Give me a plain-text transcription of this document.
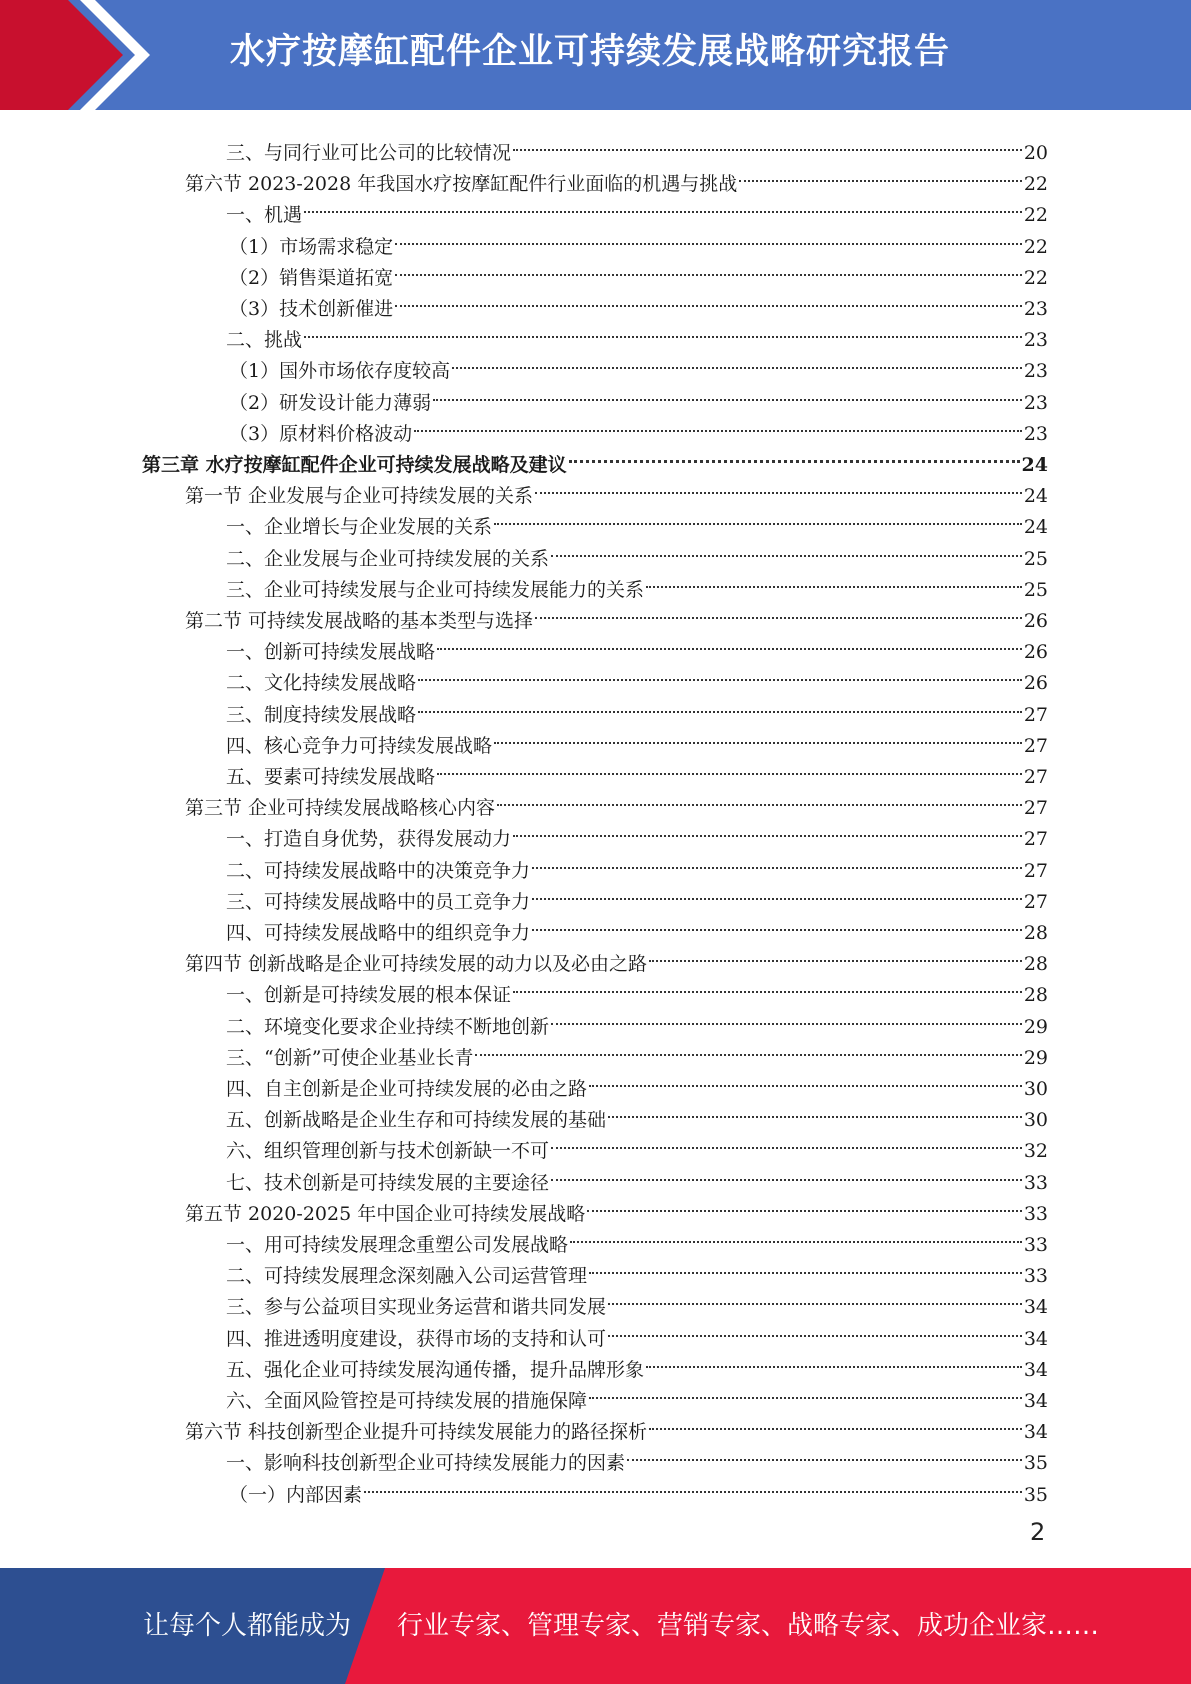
水疗按摩缸配件企业可持续发展战略研究报告
三、与同行业可比公司的比较情况	20
第六节 2023-2028 年我国水疗按摩缸配件行业面临的机遇与挑战	22
一、机遇	22
（1）市场需求稳定	22
（2）销售渠道拓宽	22
（3）技术创新催进	23
二、挑战	23
（1）国外市场依存度较高	23
（2）研发设计能力薄弱	23
（3）原材料价格波动	23
第三章 水疗按摩缸配件企业可持续发展战略及建议	24
第一节 企业发展与企业可持续发展的关系	24
一、企业增长与企业发展的关系	24
二、企业发展与企业可持续发展的关系	25
三、企业可持续发展与企业可持续发展能力的关系	25
第二节 可持续发展战略的基本类型与选择	26
一、创新可持续发展战略	26
二、文化持续发展战略	26
三、制度持续发展战略	27
四、核心竞争力可持续发展战略	27
五、要素可持续发展战略	27
第三节 企业可持续发展战略核心内容	27
一、打造自身优势，获得发展动力	27
二、可持续发展战略中的决策竞争力	27
三、可持续发展战略中的员工竞争力	27
四、可持续发展战略中的组织竞争力	28
第四节 创新战略是企业可持续发展的动力以及必由之路	28
一、创新是可持续发展的根本保证	28
二、环境变化要求企业持续不断地创新	29
三、“创新”可使企业基业长青	29
四、自主创新是企业可持续发展的必由之路	30
五、创新战略是企业生存和可持续发展的基础	30
六、组织管理创新与技术创新缺一不可	32
七、技术创新是可持续发展的主要途径	33
第五节 2020-2025 年中国企业可持续发展战略	33
一、用可持续发展理念重塑公司发展战略	33
二、可持续发展理念深刻融入公司运营管理	33
三、参与公益项目实现业务运营和谐共同发展	34
四、推进透明度建设，获得市场的支持和认可	34
五、强化企业可持续发展沟通传播，提升品牌形象	34
六、全面风险管控是可持续发展的措施保障	34
第六节 科技创新型企业提升可持续发展能力的路径探析	34
一、影响科技创新型企业可持续发展能力的因素	35
（一）内部因素	35
2
让每个人都能成为 行业专家、管理专家、营销专家、战略专家、成功企业家……
